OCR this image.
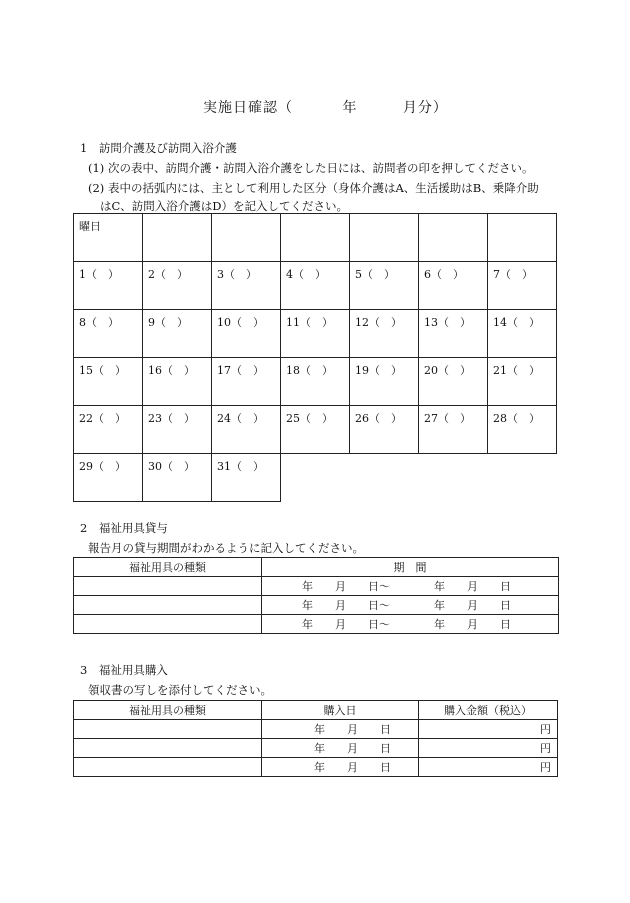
実施日確認（	年	月分）
1　訪問介護及び訪問入浴介護
(1) 次の表中、訪問介護・訪問入浴介護をした日には、訪問者の印を押してください。
(2) 表中の括弧内には、主として利用した区分（身体介護はA、生活援助はB、乗降介助
はC、訪問入浴介護はD）を記入してください。
曜日						

1（　）	2（　）	3（　）	4（　）	5（　）	6（　）	7（　）

8（　）	9（　）	10（　）	11（　）	12（　）	13（　）	14（　）

15（　）	16（　）	17（　）	18（　）	19（　）	20（　）	21（　）

22（　）	23（　）	24（　）	25（　）	26（　）	27（　）	28（　）

29（　）	30（　）	31（　）				

2　福祉用具貸与
報告月の貸与期間がわかるように記入してください。
福祉用具の種類	期　間
	年　　月　　日～　　　　年　　月　　日
	年　　月　　日～　　　　年　　月　　日
	年　　月　　日～　　　　年　　月　　日
3　福祉用具購入
領収書の写しを添付してください。
福祉用具の種類	購入日	購入金額（税込）
	年　　月　　日	円
	年　　月　　日	円
	年　　月　　日	円
